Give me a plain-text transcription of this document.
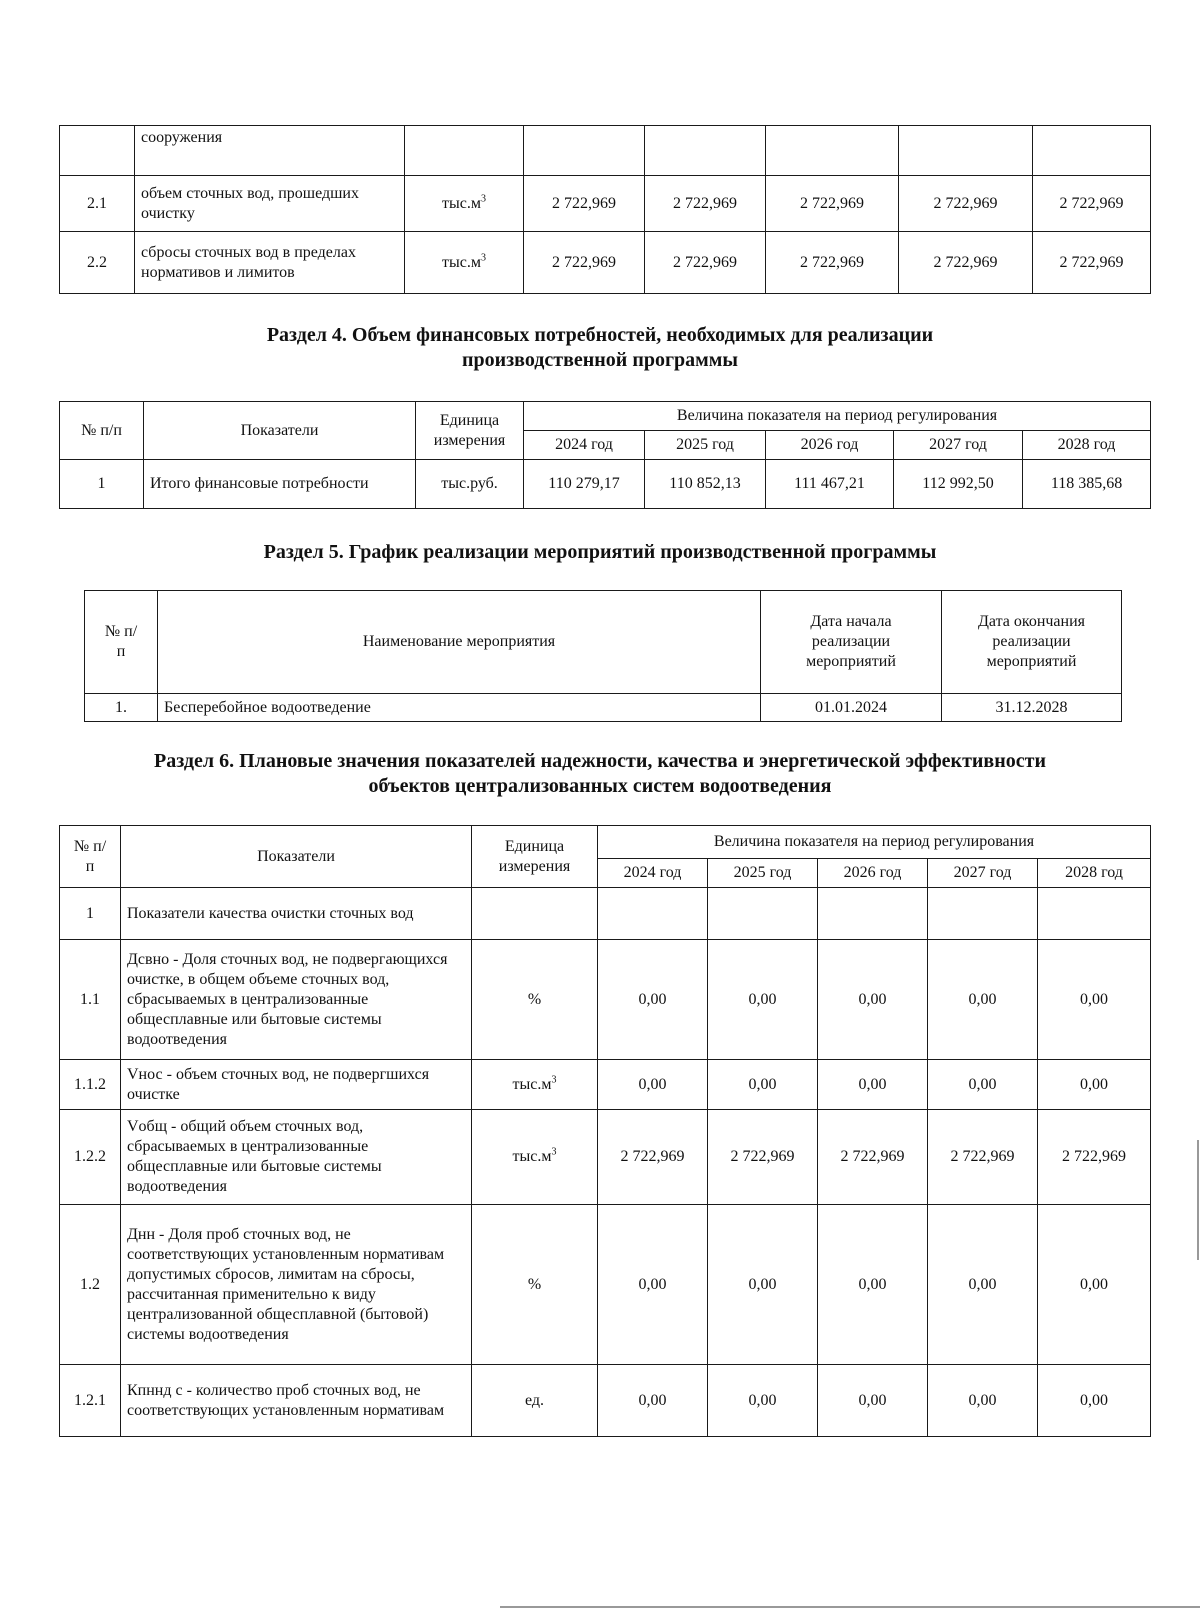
	сооружения						
2.1	объем сточных вод, прошедших очистку	$тыс.м^3$	2 722,969	2 722,969	2 722,969	2 722,969	2 722,969
2.2	сбросы сточных вод в пределах нормативов и лимитов	$тыс.м^3$	2 722,969	2 722,969	2 722,969	2 722,969	2 722,969
Раздел 4. Объем финансовых потребностей, необходимых для реализации
производственной программы
№ п/п	Показатели	Единица измерения	Величина показателя на период регулирования				
			2024 год	2025 год	2026 год	2027 год	2028 год
1	Итого финансовые потребности	тыс.руб.	110 279,17	110 852,13	111 467,21	112 992,50	118 385,68
Раздел 5. График реализации мероприятий производственной программы
№ п/п	Наименование мероприятия	Дата начала реализации мероприятий	Дата окончания реализации мероприятий
1.	Бесперебойное водоотведение	01.01.2024	31.12.2028
Раздел 6. Плановые значения показателей надежности, качества и энергетической эффективности
объектов централизованных систем водоотведения
№ п/п	Показатели	Единица измерения	Величина показателя на период регулирования				
			2024 год	2025 год	2026 год	2027 год	2028 год
1	Показатели качества очистки сточных вод						
1.1	Дсвно - Доля сточных вод, не подвергающихся очистке, в общем объеме сточных вод, сбрасываемых в централизованные общесплавные или бытовые системы водоотведения	%	0,00	0,00	0,00	0,00	0,00
1.1.2	Vнос - объем сточных вод, не подвергшихся очистке	$тыс.м^3$	0,00	0,00	0,00	0,00	0,00
1.2.2	Vобщ - общий объем сточных вод, сбрасываемых в централизованные общесплавные или бытовые системы водоотведения	$тыс.м^3$	2 722,969	2 722,969	2 722,969	2 722,969	2 722,969
1.2	Днн - Доля проб сточных вод, не соответствующих установленным нормативам допустимых сбросов, лимитам на сбросы, рассчитанная применительно к виду централизованной общесплавной (бытовой) системы водоотведения	%	0,00	0,00	0,00	0,00	0,00
1.2.1	Кпннд с - количество проб сточных вод, не соответствующих установленным нормативам	ед.	0,00	0,00	0,00	0,00	0,00
